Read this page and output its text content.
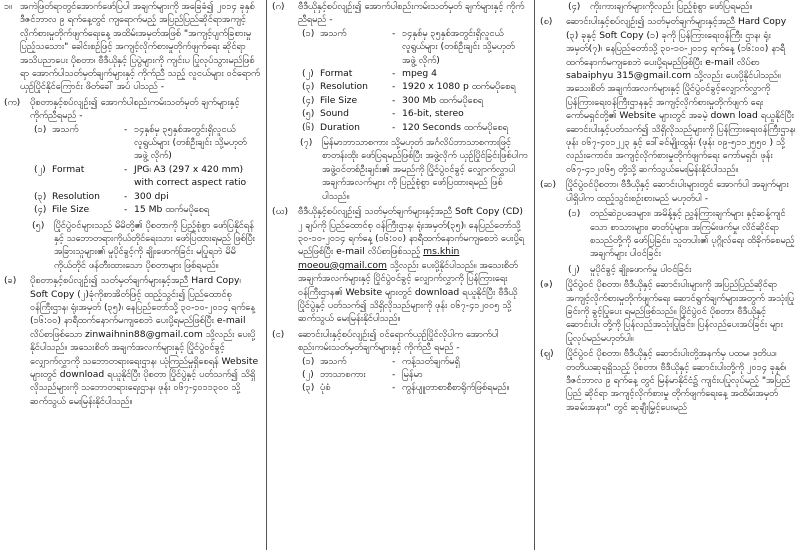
၁။ အကဲဖြတ်ရာတွင်အောက်ဖော်ပြပါ အချက်များကို အခြေခံ၍ ၂၀၁၄ ခုနှစ် ဒီဇင်ဘာလ ၉ ရက်နေ့တွင် ကျရောက်မည့် အပြည်ပြည်ဆိုင်ရာအကျင့် လိုက်စားမှုတိုက်ဖျက်ရေးနေ့ အထိမ်းအမှတ်အဖြစ် "အကျင့်ပျက်ခြစားမှု ပြည့်သသေား" ခေါင်းစဉ်ဖြင့် အကျင့်လိုက်စားမှုတိုက်ဖျက်ရေး ဆိုင်ရာ အသိပညာပေး ပိုစတာ၊ ဗီဒီယိုနှင့် ပြပွဲများကို ကျင်းပ ပြုလုပ်သွားမည်ဖြစ်ရာ အောက်ပါသတ်မှတ်ချက်များနှင့် ကိုက်ညီ သည့် လူငယ်များ ဝင်ရောက်ယှဉ်ပြိုင်နိုင်ကြောင်း ဖိတ်ခေါ် အပ် ပါသည် -
(က)	ပိုစတာနှင့်စပ်လျဉ်း၍ အောက်ပါစည်းကမ်းသတ်မှတ် ချက်များနှင့် ကိုက်ညီရမည် -
(၁) အသက်	- ၁၄နှစ်မှ ၃၅နှစ်အတွင်းရှိလူငယ် လူရွယ်များ (တစ်ဦးချင်း သို့မဟုတ် အဖွဲ့ လိုက်)
(၂) Format	- JPG၊ A3 (297 x 420 mm) with correct aspect ratio
(၃) Resolution	- 300 dpi
(၄) File Size	- 15 Mb ထက်မပိုစေရ
(၅)	ပြိုင်ပွဲဝင်များသည် မိမိတို့၏ ပိုစတာကို ပြည့်စုံစွာ ဖော်ပြနိုင်ရန် နှင့် သဘောတရားကိုယ်တိုင်ရေးသား ဖော်ပြထားရမည် ဖြစ်ပြီး အခြားသူများ၏ မူပိုင်ခွင့်ကို ချိုးဖောက်ခြင်း မပြုရဘဲ မိမိကိုယ်တိုင် ဖန်တီးထားသော ပိုစတာများ ဖြစ်ရမည်။
(ခ)	ပိုစတာနှင့်စပ်လျဉ်း၍ သတ်မှတ်ချက်များနှင့်အညီ Hard Copy၊ Soft Copy (၂)ခုံကိုစာအိတ်ဖြင့် ထည့်သွင်း၍ ပြည်ထောင်စု ဝန်ကြီးဌာန၊ ရုံးအမှတ် (၃၅)၊ နေပြည်တော်သို့ ၃၀-၁၀-၂၀၁၄ ရက်နေ့ (၁၆:၀၀) နာရီထက်နောက်မကျစေဘဲ ပေးပို့ရမည်ဖြစ်ပြီး e-mail လိပ်စာဖြစ်သော zinwaihnin88@gmail.com သို့လည်း ပေးပို့နိုင်ပါသည်။ အသေးစိတ် အချက်အလက်များနှင့် ပြိုင်ပွဲဝင်ခွင့် လျှောက်လွှာကို သဘောတရားရေးဌာန၊ ယုံကြည်မှုရှိစေရန် Website များတွင် download ရယူနိုင်ပြီး ပိုစတာ ပြိုင်ပွဲနှင့် ပတ်သက်၍ သိရှိလိုသည်များကို သဘောတရားရေးဌာန၊ ဖုန်း ၀၆၇-၄၀၁၁၃၀၀ သို့ ဆက်သွယ် မေးမြန်းနိုင်ပါသည်။
(ဂ)	ဗီဒီယိုနှင့်စပ်လျဉ်း၍ အောက်ပါစည်းကမ်းသတ်မှတ် ချက်များနှင့် ကိုက်ညီရမည် -
(၁) အသက်	- ၁၄နှစ်မှ ၃၅နှစ်အတွင်းရှိလူငယ် လူရွယ်များ (တစ်ဦးချင်း သို့မဟုတ် အဖွဲ့ လိုက်)
(၂) Format	- mpeg 4
(၃) Resolution	- 1920 x 1080 p ထက်မပိုစေရ
(၄) File Size	- 300 Mb ထက်မပိုစေရ
(၅) Sound	- 16-bit, stereo
(၆) Duration	- 120 Seconds ထက်မပိုစေရ
(၇)	မြန်မာဘာသာစကား သို့မဟုတ် အင်္ဂလိပ်ဘာသာစကားဖြင့် စာတန်းထိုး ဖော်ပြရမည်ဖြစ်ပြီး အဖွဲ့လိုက် ယှဉ်ပြိုင်ခြင်းဖြစ်ပါက အဖွဲ့ဝင်တစ်ဦးချင်း၏ အမည်ကို ပြိုင်ပွဲဝင်ခွင့် လျှောက်လွှာပါ အချက်အလက်များ ကို ပြည့်စုံစွာ ဖော်ပြထားရမည် ဖြစ်ပါသည်။
(ဃ)	ဗီဒီယိုနှင့်စပ်လျဉ်း၍ သတ်မှတ်ချက်များနှင့်အညီ Soft Copy (CD) ၂ ချပ်ကို ပြည်ထောင်စု ဝန်ကြီးဌာန၊ ရုံးအမှတ်(၃၅)၊ နေပြည်တော်သို့ ၃၀-၁၀-၂၀၁၄ ရက်နေ့ (၁၆:၀၀) နာရီထက်နောက်မကျစေဘဲ ပေးပို့ရမည်ဖြစ်ပြီး e-mail လိပ်စာဖြစ်သည့် ms.khin moeou@gmail.com သို့လည်း ပေးပို့နိုင်ပါသည်။ အသေးစိတ် အချက်အလက်များနှင့် ပြိုင်ပွဲဝင်ခွင့် လျှောက်လွှာကို ပြန်ကြားရေးဝန်ကြီးဌာန၏ Website များတွင် download ရယူနိုင်ပြီး ဗီဒီယိုပြိုင်ပွဲနှင့် ပတ်သက်၍ သိရှိလိုသည်များကို ဖုန်း ၀၆၇-၄၁၂၀၀၅ သို့ ဆက်သွယ် မေးမြန်းနိုင်ပါသည်။
(င)	ဆောင်းပါးနှင့်စပ်လျဉ်း၍ ဝင်ရောက်ယှဉ်ပြိုင်လိုပါက အောက်ပါ စည်းကမ်းသတ်မှတ်ချက်များနှင့် ကိုက်ညီ ရမည် -
(၁) အသက်	- ကန့်သတ်ချက်မရှိ
(၂) ဘာသာစကား	- မြန်မာ
(၃) ပုံစံ	- ကွန်ပျူတာစာစီစာရိုက်ဖြစ်ရမည်။
(၄)	ကိုးကားချက်များကိုလည်း ပြည့်စုံစွာ ဖော်ပြရမည်။
(စ)	ဆောင်းပါးနှင့်စပ်လျဉ်း၍ သတ်မှတ်ချက်များနှင့်အညီ Hard Copy (၃) ခုနှင့် Soft Copy (၁) ခုကို ပြန်ကြားရေးဝန်ကြီး ဌာန၊ ရုံးအမှတ်(၇)၊ နေပြည်တော်သို့ ၃၀-၁၀-၂၀၁၄ ရက်နေ့ (၁၆:၀၀) နာရီထက်နောက်မကျစေဘဲ ပေးပို့ရမည်ဖြစ်ပြီး e-mail လိပ်စာ sabaiphyu 315@gmail.com သို့လည်း ပေးပို့နိုင်ပါသည်။ အသေးစိတ် အချက်အလက်များနှင့် ပြိုင်ပွဲဝင်ခွင့်လျှောက်လွှာကို ပြန်ကြားရေးဝန်ကြီးဌာနနှင့် အကျင့်လိုက်စားမှုတိုက်ဖျက် ရေးကော်မရှင်တို့၏ Website များတွင် အခမဲ့ down load ရယူနိုင်ပြီး ဆောင်းပါးနှင့်ပတ်သက်၍ သိရှိလိုသည်များကို ပြန်ကြားရေးဝန်ကြီးဌာန၊ ဖုန်း ၀၆၇-၄၀၁၂၂၃ နှင့် ဒေါ်ခင်မျိုးထွန်း (ဖုန်း ၀၉-၅၁၁၂၅၅၀ ) သို့လည်းကောင်း၊ အကျင့်လိုက်စားမှုတိုက်ဖျက်ရေး ကော်မရှင်၊ ဖုန်း ၀၆၇-၄၁၂၀၆၅ တို့သို့ ဆက်သွယ်မေးမြန်းနိုင်ပါသည်။
(ဆ)	ပြိုင်ပွဲဝင်ပိုစတာ၊ ဗီဒီယိုနှင့် ဆောင်းပါးများတွင် အောက်ပါ အချက်များ ပါရှိပါက ထည့်သွင်းစဉ်းစားမည် မဟုတ်ပါ -
(၁)	တည်ဆဲဥပဒေများ၊ အမိန့်နှင့် ညွှန်ကြားချက်များ နှင့်ဆန့်ကျင်သော စာသားများ၊ ဓာတ်ပုံများ၊ အကြမ်းဖက်မှု၊ လိင်ဆိုင်ရာ စသည်တို့ကို ဖော်ပြခြင်း၊ သူတပါး၏ ပုဂ္ဂိုလ်ရေး ထိခိုက်စေမည့် အချက်များ ပါဝင်ခြင်း
(၂)	မူပိုင်ခွင့် ချိုးဖောက်မှု ပါဝင်ခြင်း
(ဇ)	ပြိုင်ပွဲဝင် ပိုစတာ၊ ဗီဒီယိုနှင့် ဆောင်းပါးများကို အပြည်ပြည်ဆိုင်ရာ အကျင့်လိုက်စားမှုတိုက်ဖျက်ရေး ဆောင်ရွက်ချက်များအတွက် အသုံးပြုခြင်းကို ခွင့်ပြုပေး ရမည်ဖြစ်သည်။ ပြိုင်ပွဲဝင် ပိုစတာ၊ ဗီဒီယိုနှင့် ဆောင်းပါး တို့ကို ပြန်လည်အသုံးပြုခြင်း၊ ပြန်လည်ပေးအပ်ခြင်း များ ပြုလုပ်မည်မဟုတ်ပါ။
(ဈ)	ပြိုင်ပွဲဝင် ပိုစတာ၊ ဗီဒီယိုနှင့် ဆောင်းပါးတို့အနက်မှ ပထမ၊ ဒုတိယ၊ တတိယဆုရရှိသည့် ပိုစတာ၊ ဗီဒီယိုနှင့် ဆောင်းပါးတို့ကို ၂၀၁၄ ခုနှစ်၊ ဒီဇင်ဘာလ ၉ ရက်နေ့ တွင် မြန်မာနိုင်ငံ၌ ကျင်းပပြုလုပ်မည့် "အပြည်ပြည် ဆိုင်ရာ အကျင့်လိုက်စားမှု တိုက်ဖျက်ရေးနေ့ အထိမ်းအမှတ် အခမ်းအနား" တွင် ဆုချီးမြှင့်ပေးမည်
